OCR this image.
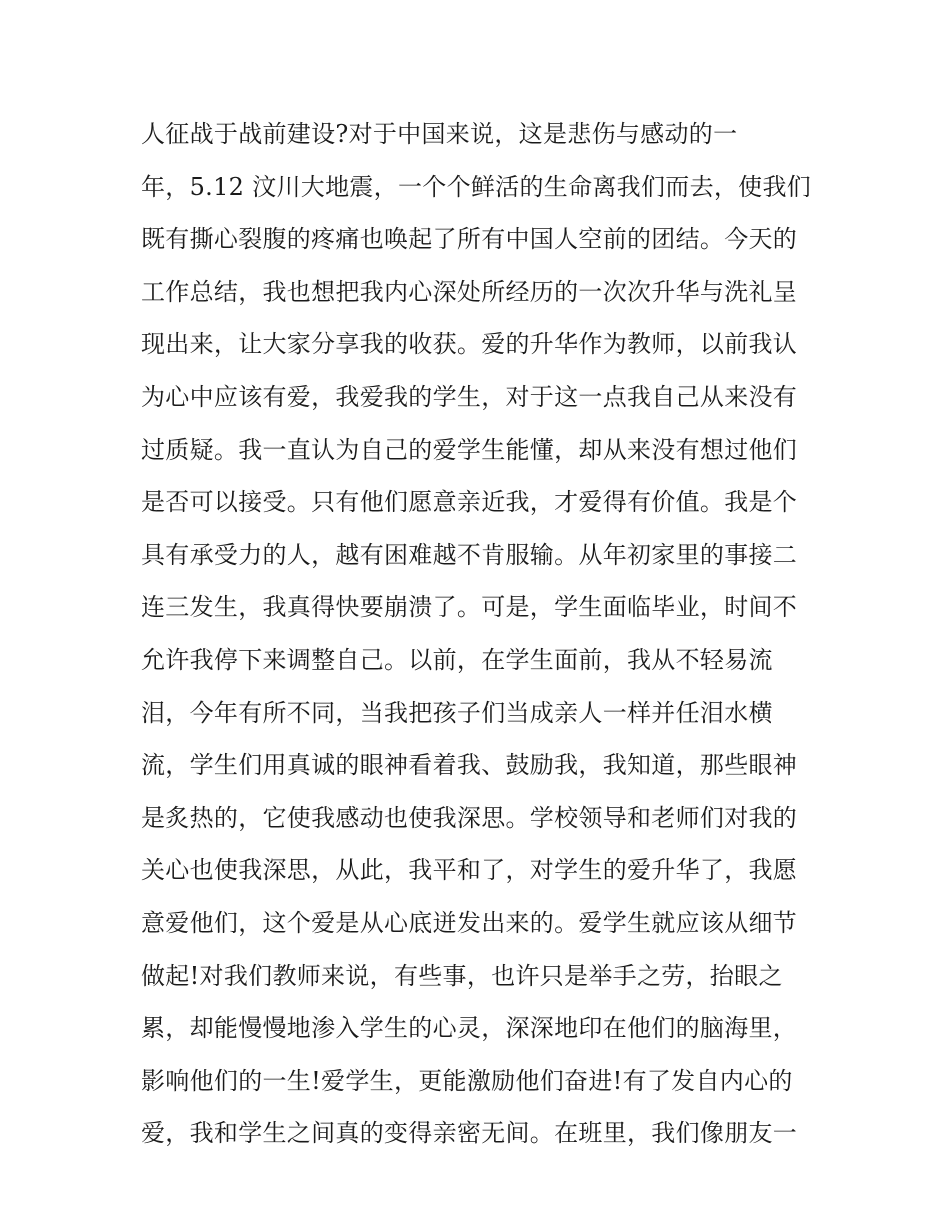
人征战于战前建设?对于中国来说，这是悲伤与感动的一
年，5.12 汶川大地震，一个个鲜活的生命离我们而去，使我们
既有撕心裂腹的疼痛也唤起了所有中国人空前的团结。今天的
工作总结，我也想把我内心深处所经历的一次次升华与洗礼呈
现出来，让大家分享我的收获。爱的升华作为教师，以前我认
为心中应该有爱，我爱我的学生，对于这一点我自己从来没有
过质疑。我一直认为自己的爱学生能懂，却从来没有想过他们
是否可以接受。只有他们愿意亲近我，才爱得有价值。我是个
具有承受力的人，越有困难越不肯服输。从年初家里的事接二
连三发生，我真得快要崩溃了。可是，学生面临毕业，时间不
允许我停下来调整自己。以前，在学生面前，我从不轻易流
泪，今年有所不同，当我把孩子们当成亲人一样并任泪水横
流，学生们用真诚的眼神看着我、鼓励我，我知道，那些眼神
是炙热的，它使我感动也使我深思。学校领导和老师们对我的
关心也使我深思，从此，我平和了，对学生的爱升华了，我愿
意爱他们，这个爱是从心底迸发出来的。爱学生就应该从细节
做起!对我们教师来说，有些事，也许只是举手之劳，抬眼之
累，却能慢慢地渗入学生的心灵，深深地印在他们的脑海里，
影响他们的一生!爱学生，更能激励他们奋进!有了发自内心的
爱，我和学生之间真的变得亲密无间。在班里，我们像朋友一
